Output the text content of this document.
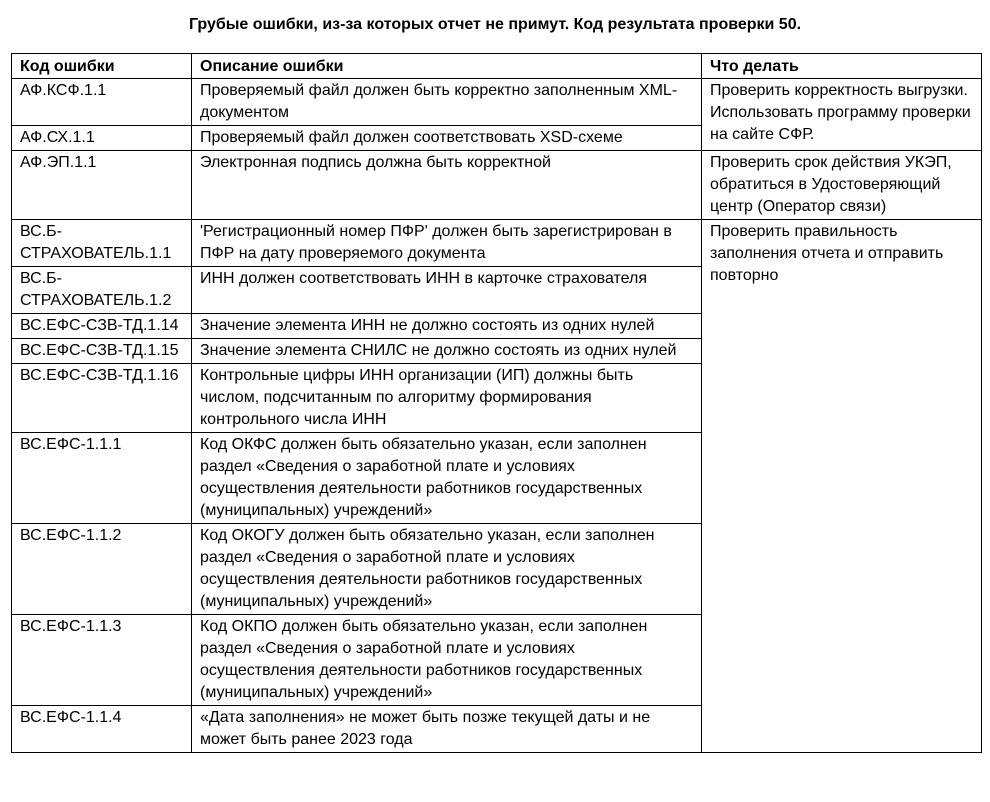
Грубые ошибки, из-за которых отчет не примут. Код результата проверки 50.
Код ошибки	Описание ошибки	Что делать
АФ.КСФ.1.1	Проверяемый файл должен быть корректно заполненным XML-документом	Проверить корректность выгрузки. Использовать программу проверки на сайте СФР.
АФ.СХ.1.1	Проверяемый файл должен соответствовать XSD-схеме	
АФ.ЭП.1.1	Электронная подпись должна быть корректной	Проверить срок действия УКЭП, обратиться в Удостоверяющий центр (Оператор связи)
ВС.Б-СТРАХОВАТЕЛЬ.1.1	'Регистрационный номер ПФР' должен быть зарегистрирован в ПФР на дату проверяемого документа	Проверить правильность заполнения отчета и отправить повторно
ВС.Б-СТРАХОВАТЕЛЬ.1.2	ИНН должен соответствовать ИНН в карточке страхователя	
ВС.ЕФС-СЗВ-ТД.1.14	Значение элемента ИНН не должно состоять из одних нулей	
ВС.ЕФС-СЗВ-ТД.1.15	Значение элемента СНИЛС не должно состоять из одних нулей	
ВС.ЕФС-СЗВ-ТД.1.16	Контрольные цифры ИНН организации (ИП) должны быть числом, подсчитанным по алгоритму формирования контрольного числа ИНН	
ВС.ЕФС-1.1.1	Код ОКФС должен быть обязательно указан, если заполнен раздел «Сведения о заработной плате и условиях осуществления деятельности работников государственных (муниципальных) учреждений»	
ВС.ЕФС-1.1.2	Код ОКОГУ должен быть обязательно указан, если заполнен раздел «Сведения о заработной плате и условиях осуществления деятельности работников государственных (муниципальных) учреждений»	
ВС.ЕФС-1.1.3	Код ОКПО должен быть обязательно указан, если заполнен раздел «Сведения о заработной плате и условиях осуществления деятельности работников государственных (муниципальных) учреждений»	
ВС.ЕФС-1.1.4	«Дата заполнения» не может быть позже текущей даты и не может быть ранее 2023 года	
